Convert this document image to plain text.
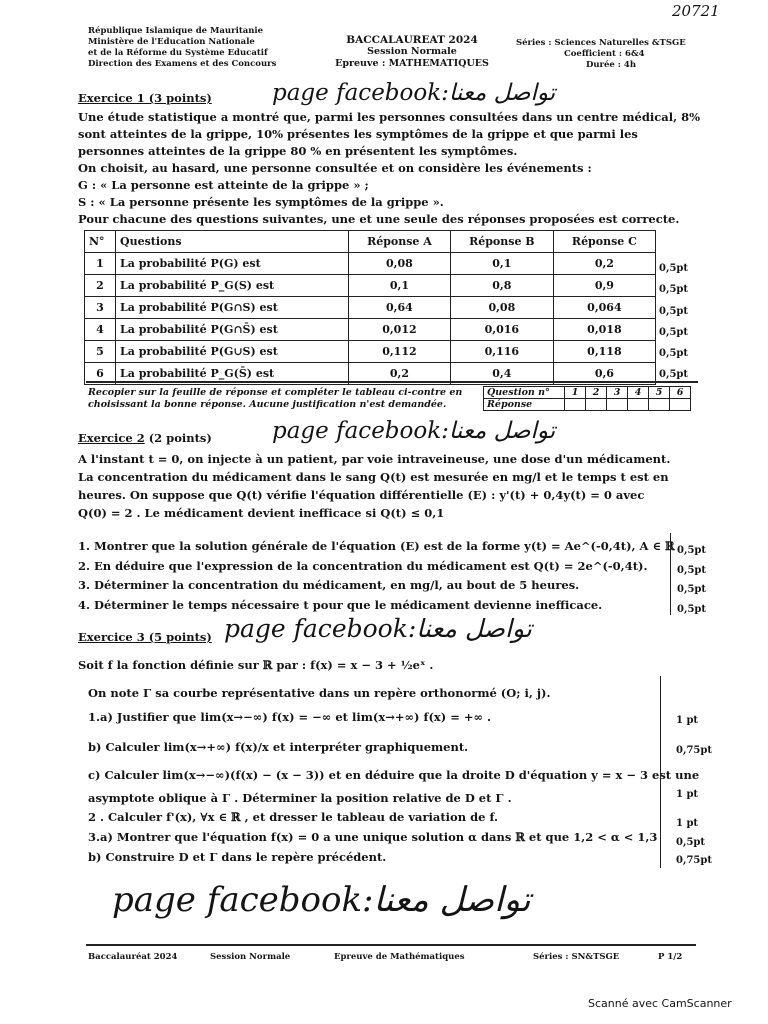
20721
République Islamique de Mauritanie
Ministère de l'Education Nationale
et de la Réforme du Système Educatif
Direction des Examens et des Concours
BACCALAUREAT 2024
Session Normale
Epreuve : MATHEMATIQUES
Séries : Sciences Naturelles &TSGE
Coefficient : 6&4
Durée : 4h
Exercice 1 (3 points)	page facebook:تواصل معنا
Une étude statistique a montré que, parmi les personnes consultées dans un centre médical, 8%
sont atteintes de la grippe, 10% présentes les symptômes de la grippe et que parmi les
personnes atteintes de la grippe 80 % en présentent les symptômes.
On choisit, au hasard, une personne consultée et on considère les événements :
G : « La personne est atteinte de la grippe » ;
S : « La personne présente les symptômes de la grippe ».
Pour chacune des questions suivantes, une et une seule des réponses proposées est correcte.
N°	Questions	Réponse A	Réponse B	Réponse C
1	La probabilité P(G) est	0,08	0,1	0,2
2	La probabilité P_G(S) est	0,1	0,8	0,9
3	La probabilité P(G∩S) est	0,64	0,08	0,064
4	La probabilité P(G∩S̄) est	0,012	0,016	0,018
5	La probabilité P(G∪S) est	0,112	0,116	0,118
6	La probabilité P_G(S̄) est	0,2	0,4	0,6
0,5pt
0,5pt
0,5pt
0,5pt
0,5pt
0,5pt
Recopier sur la feuille de réponse et compléter le tableau ci-contre en
choisissant la bonne réponse. Aucune justification n'est demandée.
Question n°	1	2	3	4	5	6
Réponse						
Exercice 2 (2 points)	page facebook:تواصل معنا
A l'instant t = 0, on injecte à un patient, par voie intraveineuse, une dose d'un médicament.
La concentration du médicament dans le sang Q(t) est mesurée en mg/l et le temps t est en
heures. On suppose que Q(t) vérifie l'équation différentielle (E) : y'(t) + 0,4y(t) = 0 avec
Q(0) = 2 . Le médicament devient inefficace si Q(t) ≤ 0,1
1. Montrer que la solution générale de l'équation (E) est de la forme y(t) = Ae^(-0,4t), A ∈ ℝ
2. En déduire que l'expression de la concentration du médicament est Q(t) = 2e^(-0,4t).
3. Déterminer la concentration du médicament, en mg/l, au bout de 5 heures.
4. Déterminer le temps nécessaire t pour que le médicament devienne inefficace.
0,5pt
0,5pt
0,5pt
0,5pt
Exercice 3 (5 points) page facebook:تواصل معنا
Soit f la fonction définie sur ℝ par : f(x) = x − 3 + ½eˣ .
On note Γ sa courbe représentative dans un repère orthonormé (O; i, j).
1.a) Justifier que lim(x→−∞) f(x) = −∞ et lim(x→+∞) f(x) = +∞ .
b) Calculer lim(x→+∞) f(x)/x et interpréter graphiquement.
c) Calculer lim(x→−∞)(f(x) − (x − 3)) et en déduire que la droite D d'équation y = x − 3 est une
asymptote oblique à Γ . Déterminer la position relative de D et Γ .
2 . Calculer f'(x), ∀x ∈ ℝ , et dresser le tableau de variation de f.
3.a) Montrer que l'équation f(x) = 0 a une unique solution α dans ℝ et que 1,2 < α < 1,3
b) Construire D et Γ dans le repère précédent.
1 pt
0,75pt
1 pt
1 pt
0,5pt
0,75pt
page facebook:تواصل معنا
Baccalauréat 2024	Session Normale	Epreuve de Mathématiques	Séries : SN&TSGE	P 1/2
Scanné avec CamScanner
